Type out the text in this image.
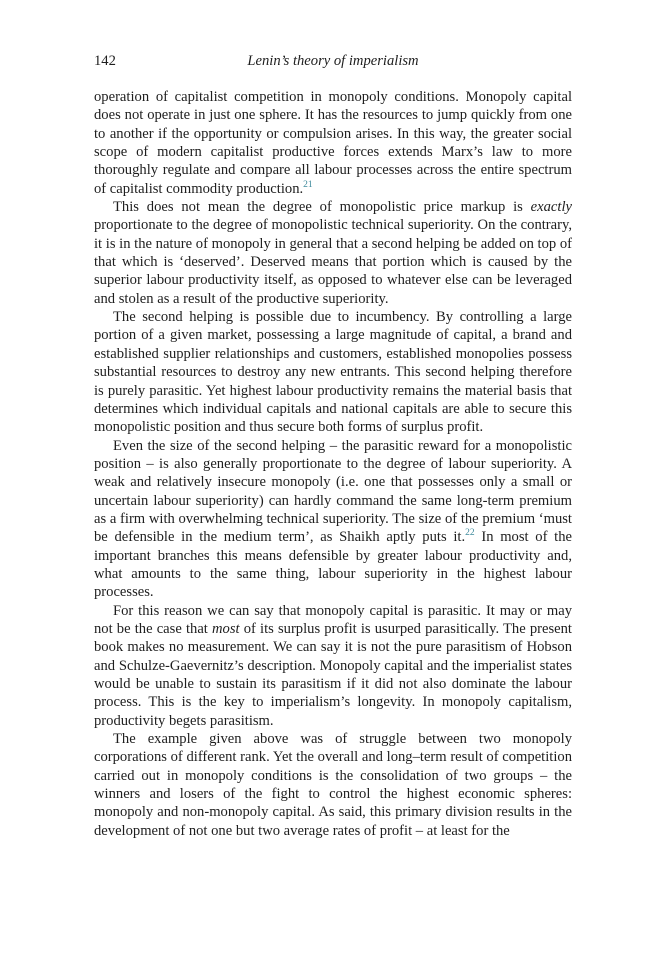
142	Lenin’s theory of imperialism

operation of capitalist competition in monopoly conditions. Monopoly capital does not operate in just one sphere. It has the resources to jump quickly from one to another if the opportunity or compulsion arises. In this way, the greater social scope of modern capitalist productive forces extends Marx’s law to more thoroughly regulate and compare all labour processes across the entire spectrum of capitalist commodity production.$^{21}$

This does not mean the degree of monopolistic price markup is exactly proportionate to the degree of monopolistic technical superiority. On the contrary, it is in the nature of monopoly in general that a second helping be added on top of that which is ‘deserved’. Deserved means that portion which is caused by the superior labour productivity itself, as opposed to whatever else can be leveraged and stolen as a result of the productive superiority.

The second helping is possible due to incumbency. By controlling a large portion of a given market, possessing a large magnitude of capital, a brand and established supplier relationships and customers, established monopolies possess substantial resources to destroy any new entrants. This second helping therefore is purely parasitic. Yet highest labour productivity remains the material basis that determines which individual capitals and national capitals are able to secure this monopolistic position and thus secure both forms of surplus profit.

Even the size of the second helping – the parasitic reward for a monopolistic position – is also generally proportionate to the degree of labour superiority. A weak and relatively insecure monopoly (i.e. one that possesses only a small or uncertain labour superiority) can hardly command the same long-term premium as a firm with overwhelming technical superiority. The size of the premium ‘must be defensible in the medium term’, as Shaikh aptly puts it.$^{22}$ In most of the important branches this means defensible by greater labour productivity and, what amounts to the same thing, labour superiority in the highest labour processes.

For this reason we can say that monopoly capital is parasitic. It may or may not be the case that most of its surplus profit is usurped parasitically. The present book makes no measurement. We can say it is not the pure parasitism of Hobson and Schulze-Gaevernitz’s description. Monopoly capital and the imperialist states would be unable to sustain its parasitism if it did not also dominate the labour process. This is the key to imperialism’s longevity. In monopoly capitalism, productivity begets parasitism.

The example given above was of struggle between two monopoly corporations of different rank. Yet the overall and long–term result of competition carried out in monopoly conditions is the consolidation of two groups – the winners and losers of the fight to control the highest economic spheres: monopoly and non-monopoly capital. As said, this primary division results in the development of not one but two average rates of profit – at least for the
